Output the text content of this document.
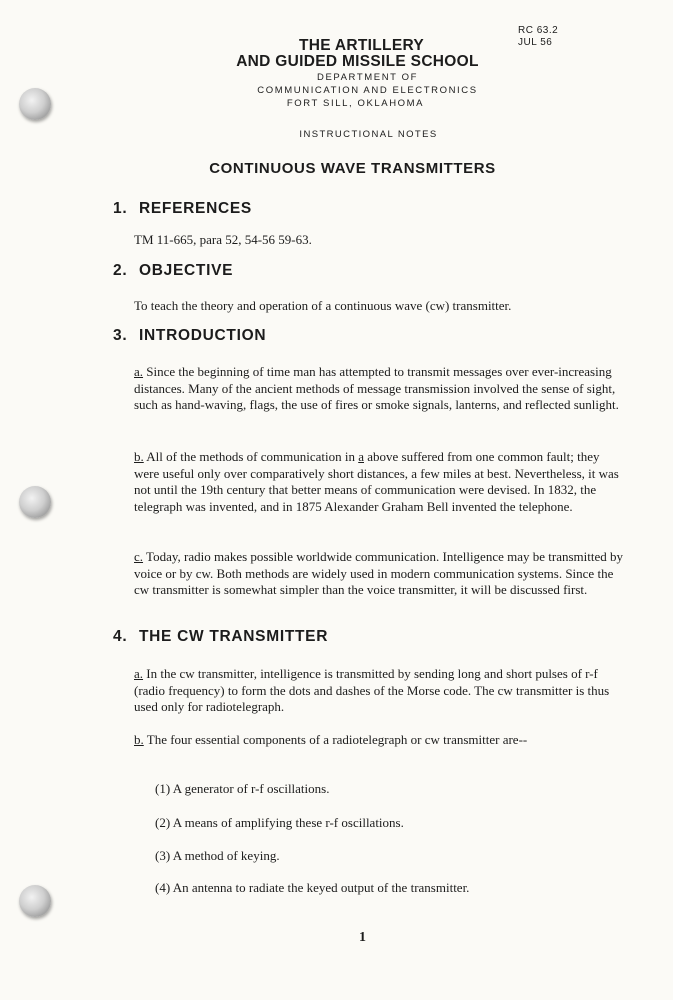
RC 63.2
JUL 56
THE ARTILLERY
AND GUIDED MISSILE SCHOOL
DEPARTMENT OF
COMMUNICATION AND ELECTRONICS
FORT SILL, OKLAHOMA
INSTRUCTIONAL NOTES
CONTINUOUS WAVE TRANSMITTERS
1. REFERENCES

TM 11-665, para 52, 54-56 59-63.

2. OBJECTIVE

To teach the theory and operation of a continuous wave (cw) transmitter.

3. INTRODUCTION

a. Since the beginning of time man has attempted to transmit messages over ever-increasing distances. Many of the ancient methods of message transmission involved the sense of sight, such as hand-waving, flags, the use of fires or smoke signals, lanterns, and reflected sunlight.

b. All of the methods of communication in a above suffered from one common fault; they were useful only over comparatively short distances, a few miles at best. Nevertheless, it was not until the 19th century that better means of communication were devised. In 1832, the telegraph was invented, and in 1875 Alexander Graham Bell invented the telephone.

c. Today, radio makes possible worldwide communication. Intelligence may be transmitted by voice or by cw. Both methods are widely used in modern communication systems. Since the cw transmitter is somewhat simpler than the voice transmitter, it will be discussed first.

4. THE CW TRANSMITTER

a. In the cw transmitter, intelligence is transmitted by sending long and short pulses of r-f (radio frequency) to form the dots and dashes of the Morse code. The cw transmitter is thus used only for radiotelegraph.

b. The four essential components of a radiotelegraph or cw transmitter are--

(1) A generator of r-f oscillations.
(2) A means of amplifying these r-f oscillations.
(3) A method of keying.
(4) An antenna to radiate the keyed output of the transmitter.
1
